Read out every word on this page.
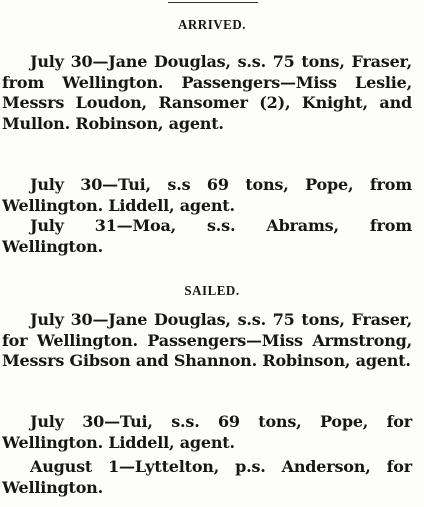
ARRIVED.

July 30—Jane Douglas, s.s. 75 tons, Fraser, from Wellington. Passengers—Miss Leslie, Messrs Loudon, Ransomer (2), Knight, and Mullon. Robinson, agent.

July 30—Tui, s.s 69 tons, Pope, from Wellington. Liddell, agent.

July 31—Moa, s.s. Abrams, from Wellington.

SAILED.

July 30—Jane Douglas, s.s. 75 tons, Fraser, for Wellington. Passengers—Miss Armstrong, Messrs Gibson and Shannon. Robinson, agent.

July 30—Tui, s.s. 69 tons, Pope, for Wellington. Liddell, agent.

August 1—Lyttelton, p.s. Anderson, for Wellington.
